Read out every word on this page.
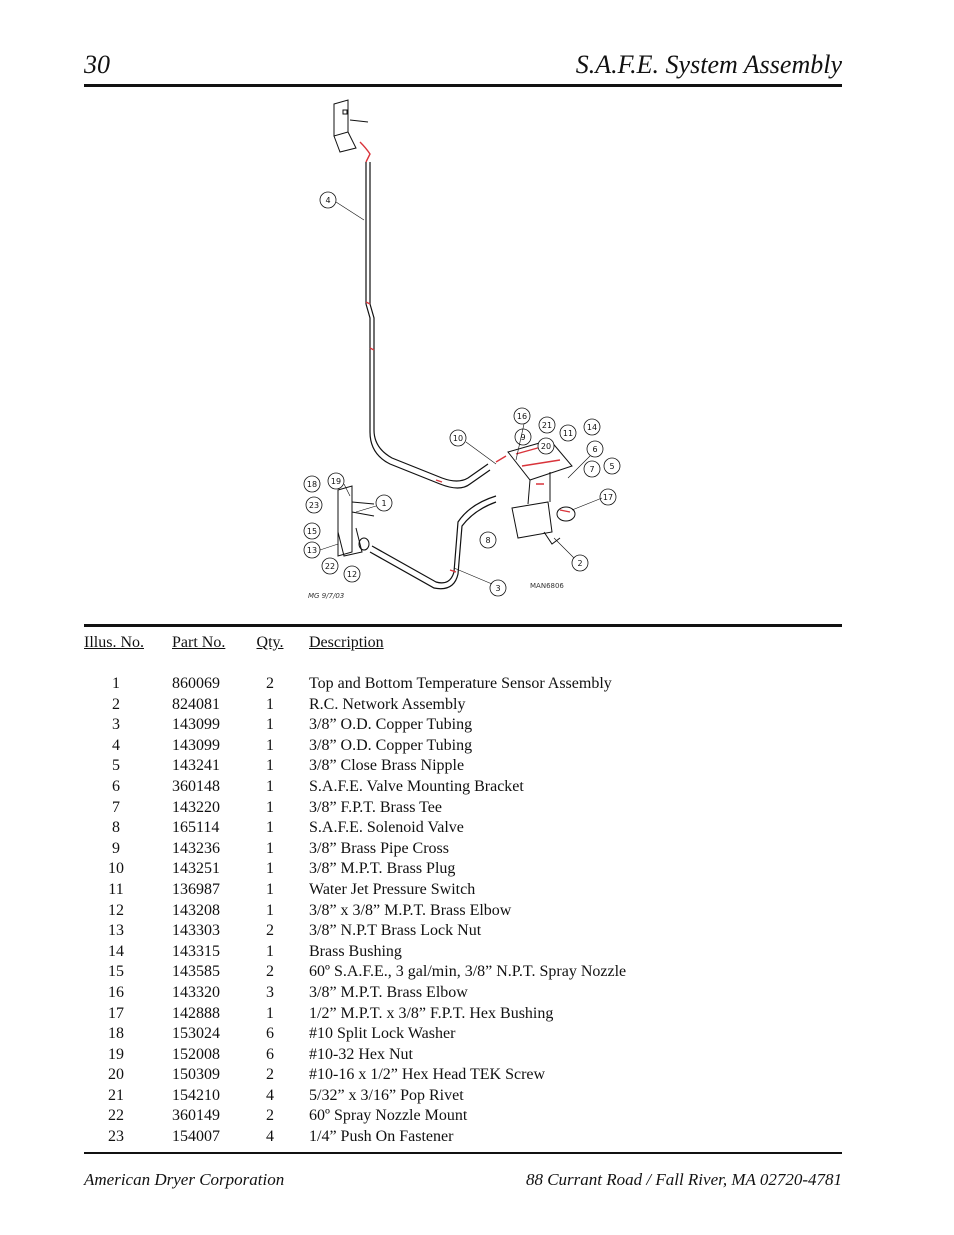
30	S.A.F.E. System Assembly
4
16
9
21
20
11
14
10
6
7 5
17
8
2
3
18 19
23	1
15
13
22
12
MG 9/7/03
MAN6806
Illus. No. Part No. Qty. Description
1	860069	2	Top and Bottom Temperature Sensor Assembly
2	824081	1	R.C. Network Assembly
3	143099	1	3/8” O.D. Copper Tubing
4	143099	1	3/8” O.D. Copper Tubing
5	143241	1	3/8” Close Brass Nipple
6	360148	1	S.A.F.E. Valve Mounting Bracket
7	143220	1	3/8” F.P.T. Brass Tee
8	165114	1	S.A.F.E. Solenoid Valve
9	143236	1	3/8” Brass Pipe Cross
10	143251	1	3/8” M.P.T. Brass Plug
11	136987	1	Water Jet Pressure Switch
12	143208	1	3/8” x 3/8” M.P.T. Brass Elbow
13	143303	2	3/8” N.P.T Brass Lock Nut
14	143315	1	Brass Bushing
15	143585	2	60º S.A.F.E., 3 gal/min, 3/8” N.P.T. Spray Nozzle
16	143320	3	3/8” M.P.T. Brass Elbow
17	142888	1	1/2” M.P.T. x 3/8” F.P.T. Hex Bushing
18	153024	6	#10 Split Lock Washer
19	152008	6	#10-32 Hex Nut
20	150309	2	#10-16 x 1/2” Hex Head TEK Screw
21	154210	4	5/32” x 3/16” Pop Rivet
22	360149	2	60º Spray Nozzle Mount
23	154007	4	1/4” Push On Fastener
American Dryer Corporation	88 Currant Road / Fall River, MA 02720-4781
